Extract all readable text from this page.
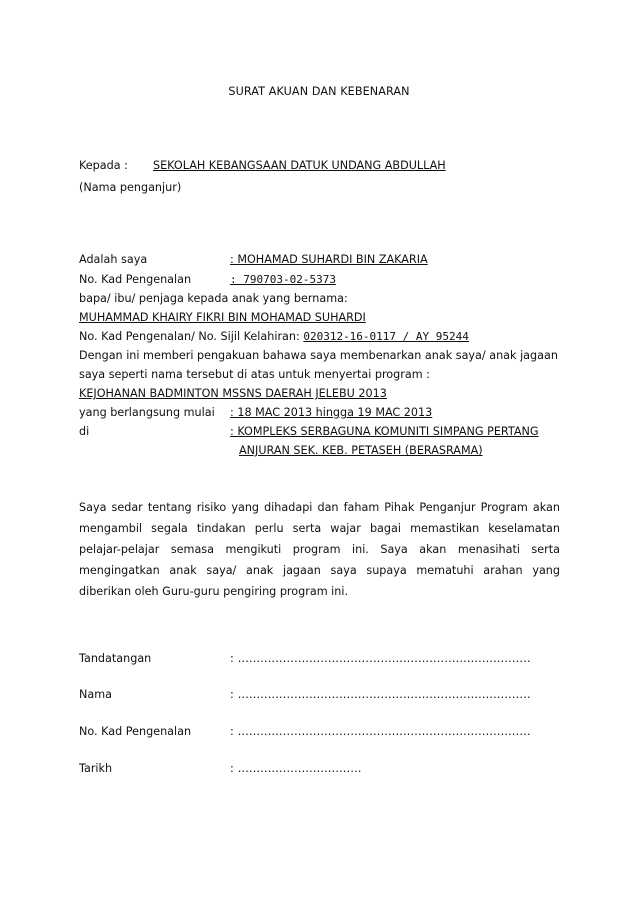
SURAT AKUAN DAN KEBENARAN
Kepada : SEKOLAH KEBANGSAAN DATUK UNDANG ABDULLAH
(Nama penganjur)
Adalah saya	: MOHAMAD SUHARDI BIN ZAKARIA
No. Kad Pengenalan	: 790703-02-5373
bapa/ ibu/ penjaga kepada anak yang bernama:
MUHAMMAD KHAIRY FIKRI BIN MOHAMAD SUHARDI
No. Kad Pengenalan/ No. Sijil Kelahiran: 020312-16-0117 / AY 95244
Dengan ini memberi pengakuan bahawa saya membenarkan anak saya/ anak jagaan
saya seperti nama tersebut di atas untuk menyertai program :
KEJOHANAN BADMINTON MSSNS DAERAH JELEBU 2013
yang berlangsung mulai : 18 MAC 2013 hingga 19 MAC 2013
di	: KOMPLEKS SERBAGUNA KOMUNITI SIMPANG PERTANG
ANJURAN SEK. KEB. PETASEH (BERASRAMA)
Saya sedar tentang risiko yang dihadapi dan faham Pihak Penganjur Program akan
mengambil segala tindakan perlu serta wajar bagai memastikan keselamatan
pelajar-pelajar semasa mengikuti program ini. Saya akan menasihati serta
mengingatkan anak saya/ anak jagaan saya supaya mematuhi arahan yang
diberikan oleh Guru-guru pengiring program ini.
Tandatangan	: ..............................................................................
Nama	: ..............................................................................
No. Kad Pengenalan	: ..............................................................................
Tarikh	: .................................
